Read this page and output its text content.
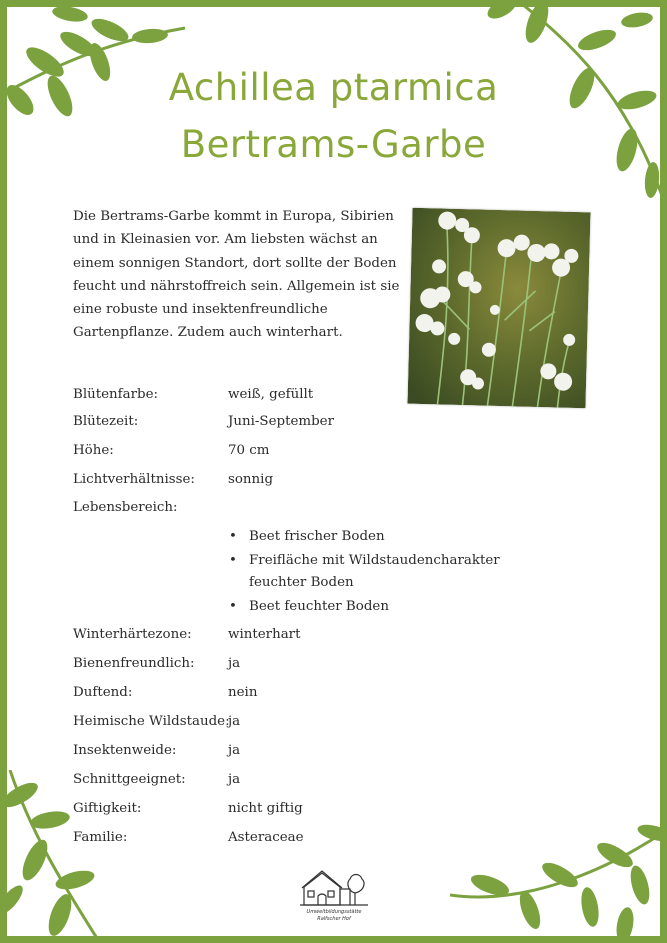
Achillea ptarmica
Bertrams-Garbe

Die Bertrams-Garbe kommt in Europa, Sibirien und in Kleinasien vor. Am liebsten wächst an einem sonnigen Standort, dort sollte der Boden feucht und nährstoffreich sein. Allgemein ist sie eine robuste und insektenfreundliche Gartenpflanze. Zudem auch winterhart.

Blütenfarbe:	weiß, gefüllt
Blütezeit:	Juni-September
Höhe:	70 cm
Lichtverhältnisse: sonnig
Lebensbereich:
• Beet frischer Boden
• Freifläche mit Wildstaudencharakter feuchter Boden
• Beet feuchter Boden
Winterhärtezone:	winterhart
Bienenfreundlich: ja
Duftend:	nein
Heimische Wildstaude:
ja
Insektenweide:	ja
Schnittgeeignet:	ja
Giftigkeit:	nicht giftig
Familie:	Asteraceae
Umweltbildungsstätte
Ralfscher Hof
